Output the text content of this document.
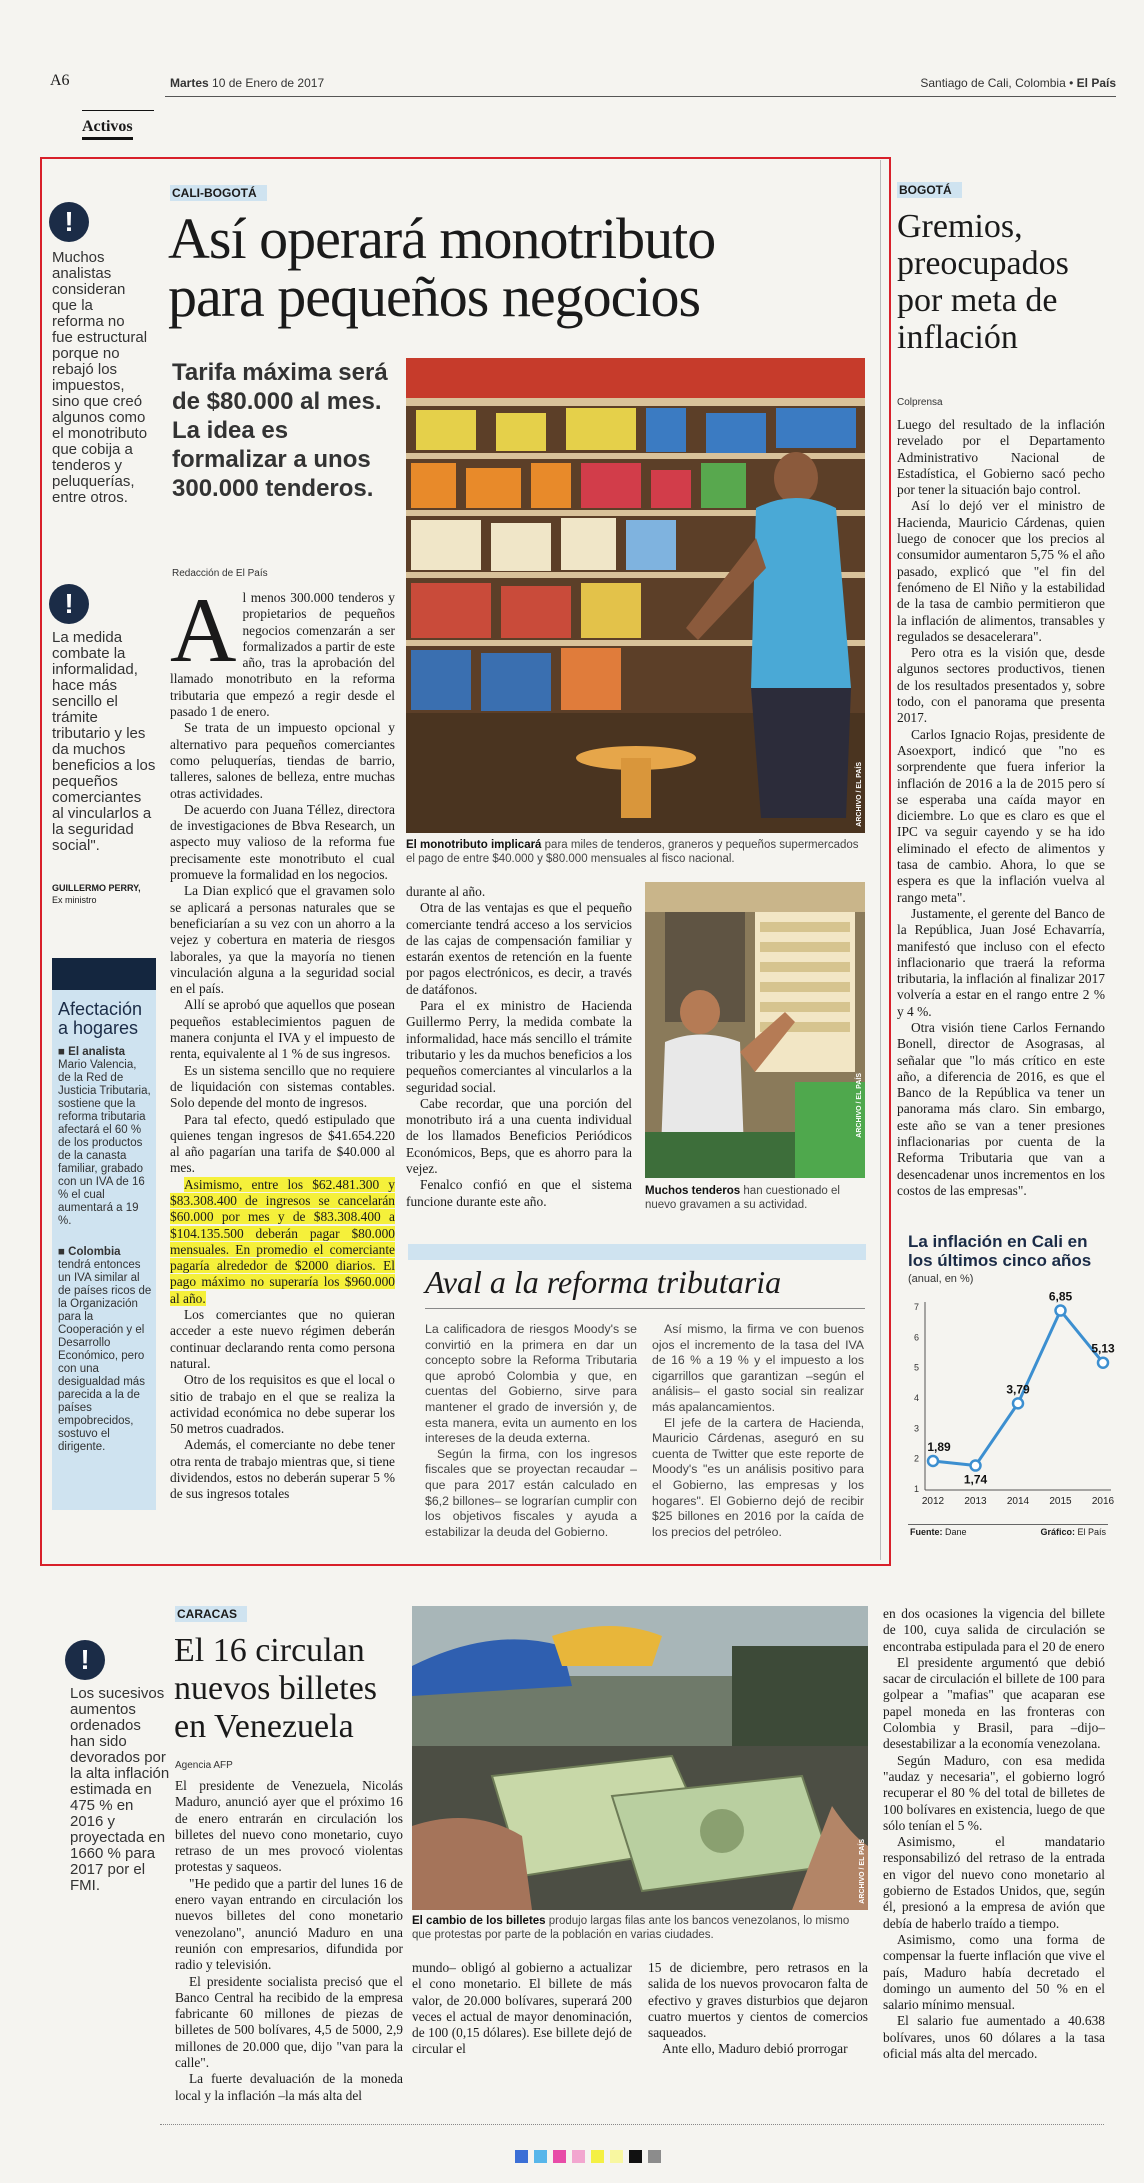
A6	Martes 10 de Enero de 2017	Santiago de Cali, Colombia • El País
Activos
!
Muchos analistas consideran que la reforma no fue estructural porque no rebajó los impuestos, sino que creó algunos como el monotributo que cobija a tenderos y peluquerías, entre otros.
!
La medida combate la informalidad, hace más sencillo el trámite tributario y les da muchos beneficios a los pequeños comerciantes al vincularlos a la seguridad social".
GUILLERMO PERRY,
Ex ministro
Afectación a hogares
■ El analista Mario Valencia, de la Red de Justicia Tributaria, sostiene que la reforma tributaria afectará el 60 % de los productos de la canasta familiar, grabado con un IVA de 16 % el cual aumentará a 19 %.
■ Colombia tendrá entonces un IVA similar al de países ricos de la Organización para la Cooperación y el Desarrollo Económico, pero con una desigualdad más parecida a la de países empobrecidos, sostuvo el dirigente.
CALI-BOGOTÁ
Así operará monotributo
para pequeños negocios
Tarifa máxima será de $80.000 al mes. La idea es formalizar a unos 300.000 tenderos.
Redacción de El País
A l menos 300.000 tenderos y propietarios de pequeños negocios comenzarán a ser formalizados a partir de este año, tras la aprobación del llamado monotributo en la reforma tributaria que empezó a regir desde el pasado 1 de enero.

Se trata de un impuesto opcional y alternativo para pequeños comerciantes como peluquerías, tiendas de barrio, talleres, salones de belleza, entre muchas otras actividades.

De acuerdo con Juana Téllez, directora de investigaciones de Bbva Research, un aspecto muy valioso de la reforma fue precisamente este monotributo el cual promueve la formalidad en los negocios.

La Dian explicó que el gravamen solo se aplicará a personas naturales que se beneficiarían a su vez con un ahorro a la vejez y cobertura en materia de riesgos laborales, ya que la mayoría no tienen vinculación alguna a la seguridad social en el país.

Allí se aprobó que aquellos que posean pequeños establecimientos paguen de manera conjunta el IVA y el impuesto de renta, equivalente al 1 % de sus ingresos.

Es un sistema sencillo que no requiere de liquidación con sistemas contables. Solo depende del monto de ingresos.

Para tal efecto, quedó estipulado que quienes tengan ingresos de $41.654.220 al año pagarían una tarifa de $40.000 al mes.

Asimismo, entre los $62.481.300 y $83.308.400 de ingresos se cancelarán $60.000 por mes y de $83.308.400 a $104.135.500 deberán pagar $80.000 mensuales. En promedio el comerciante pagaría alrededor de $2000 diarios. El pago máximo no superaría los $960.000 al año.

Los comerciantes que no quieran acceder a este nuevo régimen deberán continuar declarando renta como persona natural.

Otro de los requisitos es que el local o sitio de trabajo en el que se realiza la actividad económica no debe superar los 50 metros cuadrados.

Además, el comerciante no debe tener otra renta de trabajo mientras que, si tiene dividendos, estos no deberán superar 5 % de sus ingresos totales

ARCHIVO / EL PAÍS
El monotributo implicará para miles de tenderos, graneros y pequeños supermercados el pago de entre $40.000 y $80.000 mensuales al fisco nacional.

durante al año.

Otra de las ventajas es que el pequeño comerciante tendrá acceso a los servicios de las cajas de compensación familiar y estarán exentos de retención en la fuente por pagos electrónicos, es decir, a través de datáfonos.

Para el ex ministro de Hacienda Guillermo Perry, la medida combate la informalidad, hace más sencillo el trámite tributario y les da muchos beneficios a los pequeños comerciantes al vincularlos a la seguridad social.

Cabe recordar, que una porción del monotributo irá a una cuenta individual de los llamados Beneficios Periódicos Económicos, Beps, que es ahorro para la vejez.

Fenalco confió en que el sistema funcione durante este año.

ARCHIVO / EL PAÍS
Muchos tenderos han cuestionado el nuevo gravamen a su actividad.
Aval a la reforma tributaria

La calificadora de riesgos Moody's se convirtió en la primera en dar un concepto sobre la Reforma Tributaria que aprobó Colombia y que, en cuentas del Gobierno, sirve para mantener el grado de inversión y, de esta manera, evita un aumento en los intereses de la deuda externa.

Según la firma, con los ingresos fiscales que se proyectan recaudar –que para 2017 están calculado en $6,2 billones– se lograrían cumplir con los objetivos fiscales y ayuda a estabilizar la deuda del Gobierno.

Así mismo, la firma ve con buenos ojos el incremento de la tasa del IVA de 16 % a 19 % y el impuesto a los cigarrillos que garantizan –según el análisis– el gasto social sin realizar más apalancamientos.

El jefe de la cartera de Hacienda, Mauricio Cárdenas, aseguró en su cuenta de Twitter que este reporte de Moody's "es un análisis positivo para el Gobierno, las empresas y los hogares". El Gobierno dejó de recibir $25 billones en 2016 por la caída de los precios del petróleo.

BOGOTÁ
Gremios, preocupados por meta de inflación
Colprensa

Luego del resultado de la inflación revelado por el Departamento Administrativo Nacional de Estadística, el Gobierno sacó pecho por tener la situación bajo control.

Así lo dejó ver el ministro de Hacienda, Mauricio Cárdenas, quien luego de conocer que los precios al consumidor aumentaron 5,75 % el año pasado, explicó que "el fin del fenómeno de El Niño y la estabilidad de la tasa de cambio permitieron que la inflación de alimentos, transables y regulados se desacelerara".

Pero otra es la visión que, desde algunos sectores productivos, tienen de los resultados presentados y, sobre todo, con el panorama que presenta 2017.

Carlos Ignacio Rojas, presidente de Asoexport, indicó que "no es sorprendente que fuera inferior la inflación de 2016 a la de 2015 pero sí se esperaba una caída mayor en diciembre. Lo que es claro es que el IPC va seguir cayendo y se ha ido eliminado el efecto de alimentos y tasa de cambio. Ahora, lo que se espera es que la inflación vuelva al rango meta".

Justamente, el gerente del Banco de la República, Juan José Echavarría, manifestó que incluso con el efecto inflacionario que traerá la reforma tributaria, la inflación al finalizar 2017 volvería a estar en el rango entre 2 % y 4 %.

Otra visión tiene Carlos Fernando Bonell, director de Asograsas, al señalar que "lo más crítico en este año, a diferencia de 2016, es que el Banco de la República va tener un panorama más claro. Sin embargo, este año se van a tener presiones inflacionarias por cuenta de la Reforma Tributaria que van a desencadenar unos incrementos en los costos de las empresas".

La inflación en Cali en los últimos cinco años
(anual, en %)
1
2
3
4
5
6
7
2012 2013 2014 2015 2016
1,89
1,74
3,79
6,85
5,13
Fuente: Dane	Gráfico: El País
!
Los sucesivos aumentos ordenados han sido devorados por la alta inflación estimada en 475 % en 2016 y proyectada en 1660 % para 2017 por el FMI.
CARACAS
El 16 circulan nuevos billetes en Venezuela
Agencia AFP

El presidente de Venezuela, Nicolás Maduro, anunció ayer que el próximo 16 de enero entrarán en circulación los billetes del nuevo cono monetario, cuyo retraso de un mes provocó violentas protestas y saqueos.

"He pedido que a partir del lunes 16 de enero vayan entrando en circulación los nuevos billetes del cono monetario venezolano", anunció Maduro en una reunión con empresarios, difundida por radio y televisión.

El presidente socialista precisó que el Banco Central ha recibido de la empresa fabricante 60 millones de piezas de billetes de 500 bolívares, 4,5 de 5000, 2,9 millones de 20.000 que, dijo "van para la calle".

La fuerte devaluación de la moneda local y la inflación –la más alta del

ARCHIVO / EL PAÍS
El cambio de los billetes produjo largas filas ante los bancos venezolanos, lo mismo que protestas por parte de la población en varias ciudades.

mundo– obligó al gobierno a actualizar el cono monetario. El billete de más valor, de 20.000 bolívares, superará 200 veces el actual de mayor denominación, de 100 (0,15 dólares). Ese billete dejó de circular el

15 de diciembre, pero retrasos en la salida de los nuevos provocaron falta de efectivo y graves disturbios que dejaron cuatro muertos y cientos de comercios saqueados.

Ante ello, Maduro debió prorrogar

en dos ocasiones la vigencia del billete de 100, cuya salida de circulación se encontraba estipulada para el 20 de enero

El presidente argumentó que debió sacar de circulación el billete de 100 para golpear a "mafias" que acaparan ese papel moneda en las fronteras con Colombia y Brasil, para –dijo– desestabilizar a la economía venezolana.

Según Maduro, con esa medida "audaz y necesaria", el gobierno logró recuperar el 80 % del total de billetes de 100 bolívares en existencia, luego de que sólo tenían el 5 %.

Asimismo, el mandatario responsabilizó del retraso de la entrada en vigor del nuevo cono monetario al gobierno de Estados Unidos, que, según él, presionó a la empresa de avión que debía de haberlo traído a tiempo.

Asimismo, como una forma de compensar la fuerte inflación que vive el país, Maduro había decretado el domingo un aumento del 50 % en el salario mínimo mensual.

El salario fue aumentado a 40.638 bolívares, unos 60 dólares a la tasa oficial más alta del mercado.
